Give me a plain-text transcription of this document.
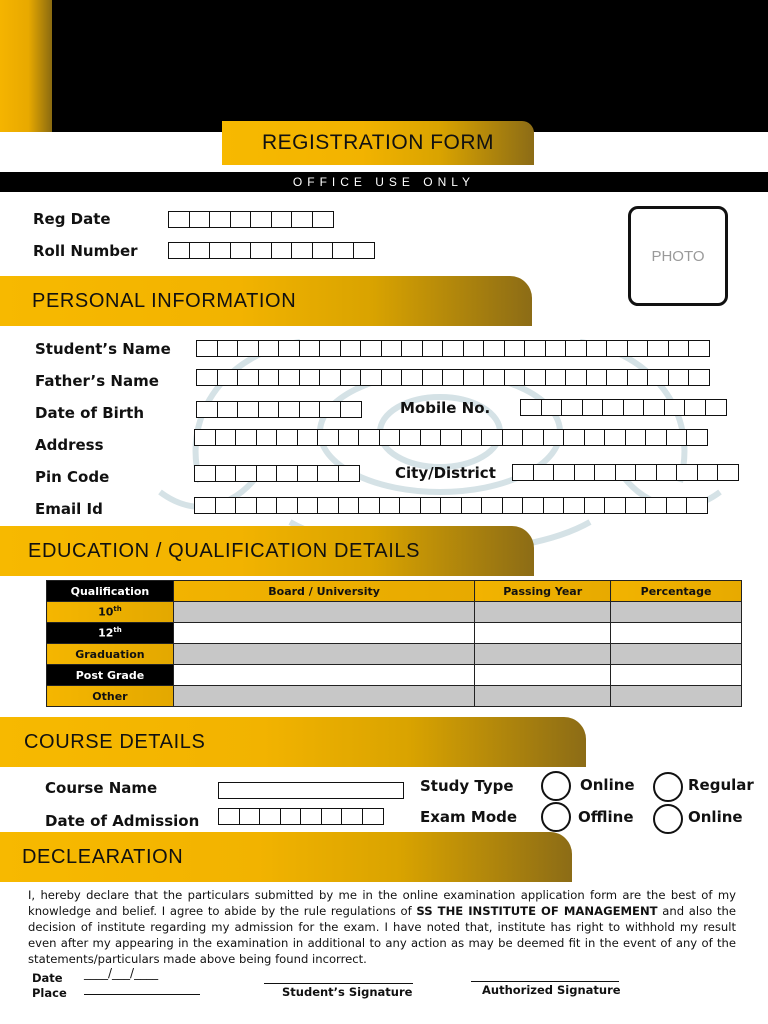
REGISTRATION FORM
OFFICE USE ONLY
Reg Date
Roll Number	PHOTO
PERSONAL INFORMATION
Student’s Name
Father’s Name
Date of Birth	Mobile No.
Address
Pin Code	City/District
Email Id
EDUCATION / QUALIFICATION DETAILS
Qualification	Board / University	Passing Year	Percentage
10th			
12th			
Graduation			
Post Grade			
Other			
COURSE DETAILS
Course Name
Date of Admission
Study Type	Online	Regular
Exam Mode	Offline	Online
DECLEARATION
I, hereby declare that the particulars submitted by me in the online examination application form are the best of my knowledge and belief. I agree to abide by the rule regulations of SS THE INSTITUTE OF MANAGEMENT and also the decision of institute regarding my admission for the exam. I have noted that, institute has right to withhold my result even after my appearing in the examination in additional to any action as may be deemed fit in the event of any of the statements/particulars made above being found incorrect.
Date ____/___/____
Place	Student’s Signature	Authorized Signature
